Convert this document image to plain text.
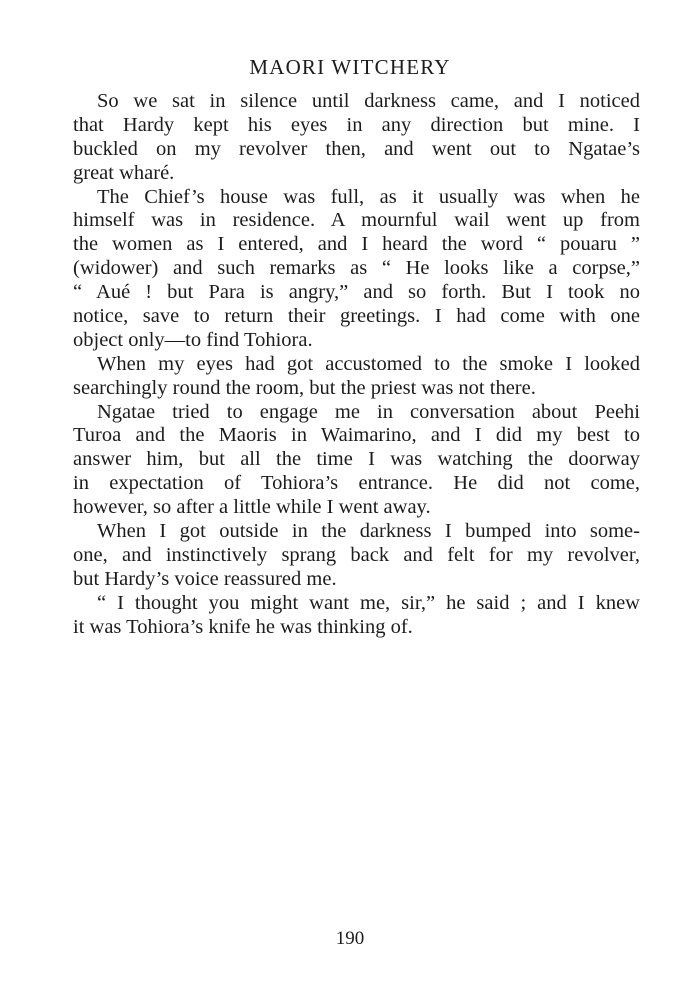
MAORI WITCHERY
So we sat in silence until darkness came, and I noticed
that Hardy kept his eyes in any direction but mine. I
buckled on my revolver then, and went out to Ngatae’s
great wharé.
The Chief’s house was full, as it usually was when he
himself was in residence. A mournful wail went up from
the women as I entered, and I heard the word “ pouaru ”
(widower) and such remarks as “ He looks like a corpse,”
“ Aué ! but Para is angry,” and so forth. But I took no
notice, save to return their greetings. I had come with one
object only—to find Tohiora.
When my eyes had got accustomed to the smoke I looked
searchingly round the room, but the priest was not there.
Ngatae tried to engage me in conversation about Peehi
Turoa and the Maoris in Waimarino, and I did my best to
answer him, but all the time I was watching the doorway
in expectation of Tohiora’s entrance. He did not come,
however, so after a little while I went away.
When I got outside in the darkness I bumped into some-
one, and instinctively sprang back and felt for my revolver,
but Hardy’s voice reassured me.
“ I thought you might want me, sir,” he said ; and I knew
it was Tohiora’s knife he was thinking of.
190
